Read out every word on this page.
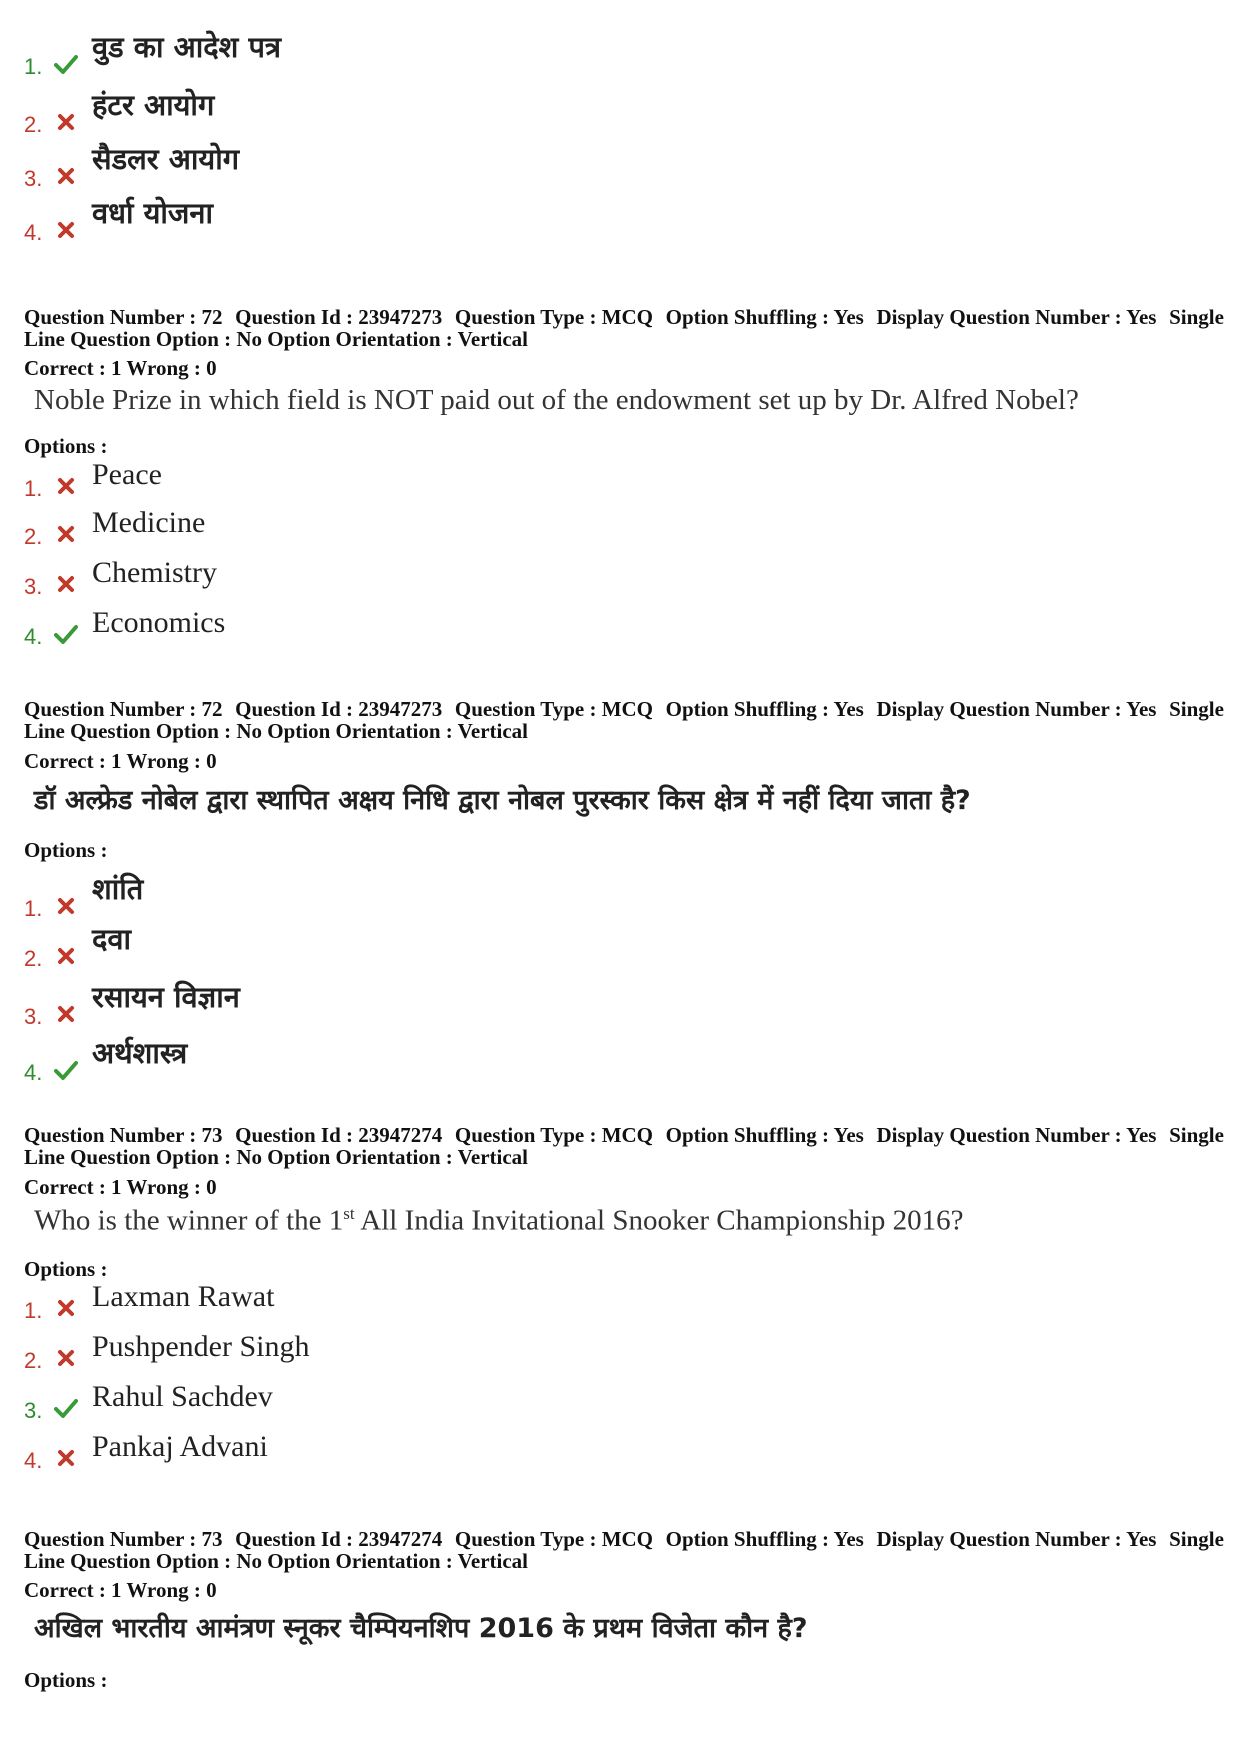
1.
वुड का आदेश पत्र
2.
हंटर आयोग
3.
सैडलर आयोग
4.
वर्धा योजना
Question Number : 72 Question Id : 23947273 Question Type : MCQ Option Shuffling : Yes Display Question Number : Yes Single
Line Question Option : No Option Orientation : Vertical
Correct : 1 Wrong : 0
Noble Prize in which field is NOT paid out of the endowment set up by Dr. Alfred Nobel?
Options :
1. Peace
2. Medicine
3. Chemistry
4. Economics
Question Number : 72 Question Id : 23947273 Question Type : MCQ Option Shuffling : Yes Display Question Number : Yes Single
Line Question Option : No Option Orientation : Vertical
Correct : 1 Wrong : 0
डॉ अल्फ्रेड नोबेल द्वारा स्थापित अक्षय निधि द्वारा नोबल पुरस्कार किस क्षेत्र में नहीं दिया जाता है?
Options :
1.
शांति
2.
दवा
3.
रसायन विज्ञान
4.
अर्थशास्त्र
Question Number : 73 Question Id : 23947274 Question Type : MCQ Option Shuffling : Yes Display Question Number : Yes Single
Line Question Option : No Option Orientation : Vertical
Correct : 1 Wrong : 0
Who is the winner of the 1st All India Invitational Snooker Championship 2016?
Options :
1. Laxman Rawat
2. Pushpender Singh
3. Rahul Sachdev
4. Pankaj Advani
Question Number : 73 Question Id : 23947274 Question Type : MCQ Option Shuffling : Yes Display Question Number : Yes Single
Line Question Option : No Option Orientation : Vertical
Correct : 1 Wrong : 0
अखिल भारतीय आमंत्रण स्नूकर चैम्पियनशिप 2016 के प्रथम विजेता कौन है?
Options :
